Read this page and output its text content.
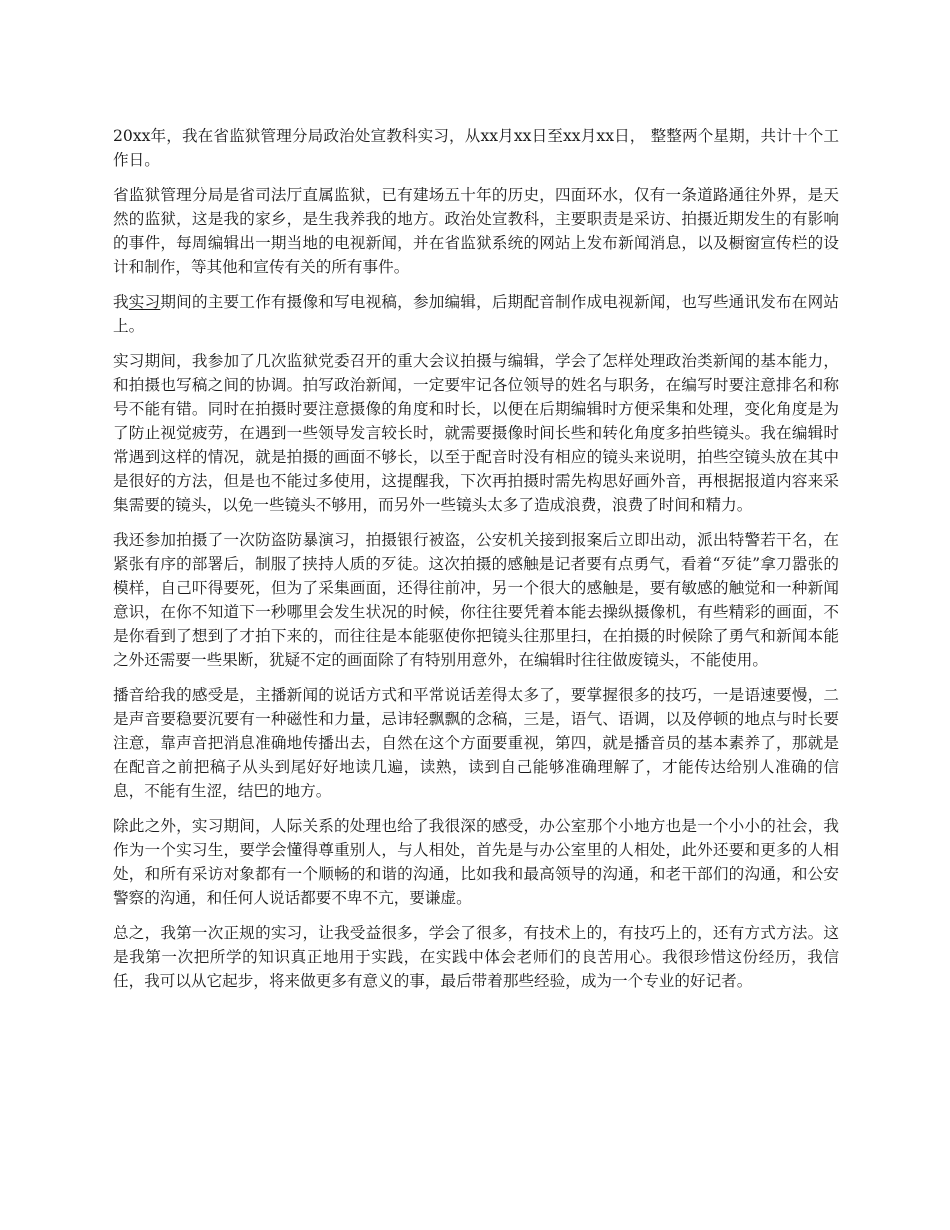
20xx年，我在省监狱管理分局政治处宣教科实习，从xx月xx日至xx月xx日， 整整两个星期，共计十个工作日。

省监狱管理分局是省司法厅直属监狱，已有建场五十年的历史，四面环水，仅有一条道路通往外界，是天然的监狱，这是我的家乡，是生我养我的地方。政治处宣教科，主要职责是采访、拍摄近期发生的有影响的事件，每周编辑出一期当地的电视新闻，并在省监狱系统的网站上发布新闻消息，以及橱窗宣传栏的设计和制作，等其他和宣传有关的所有事件。

我实习期间的主要工作有摄像和写电视稿，参加编辑，后期配音制作成电视新闻，也写些通讯发布在网站上。

实习期间，我参加了几次监狱党委召开的重大会议拍摄与编辑，学会了怎样处理政治类新闻的基本能力，和拍摄也写稿之间的协调。拍写政治新闻，一定要牢记各位领导的姓名与职务，在编写时要注意排名和称号不能有错。同时在拍摄时要注意摄像的角度和时长，以便在后期编辑时方便采集和处理，变化角度是为了防止视觉疲劳，在遇到一些领导发言较长时，就需要摄像时间长些和转化角度多拍些镜头。我在编辑时常遇到这样的情况，就是拍摄的画面不够长，以至于配音时没有相应的镜头来说明，拍些空镜头放在其中是很好的方法，但是也不能过多使用，这提醒我，下次再拍摄时需先构思好画外音，再根据报道内容来采集需要的镜头，以免一些镜头不够用，而另外一些镜头太多了造成浪费，浪费了时间和精力。

我还参加拍摄了一次防盗防暴演习，拍摄银行被盗，公安机关接到报案后立即出动，派出特警若干名，在紧张有序的部署后，制服了挟持人质的歹徒。这次拍摄的感触是记者要有点勇气，看着“歹徒”拿刀嚣张的模样，自己吓得要死，但为了采集画面，还得往前冲，另一个很大的感触是，要有敏感的触觉和一种新闻意识，在你不知道下一秒哪里会发生状况的时候，你往往要凭着本能去操纵摄像机，有些精彩的画面，不是你看到了想到了才拍下来的，而往往是本能驱使你把镜头往那里扫，在拍摄的时候除了勇气和新闻本能之外还需要一些果断，犹疑不定的画面除了有特别用意外，在编辑时往往做废镜头，不能使用。

播音给我的感受是，主播新闻的说话方式和平常说话差得太多了，要掌握很多的技巧，一是语速要慢，二是声音要稳要沉要有一种磁性和力量，忌讳轻飘飘的念稿，三是，语气、语调，以及停顿的地点与时长要注意，靠声音把消息准确地传播出去，自然在这个方面要重视，第四，就是播音员的基本素养了，那就是在配音之前把稿子从头到尾好好地读几遍，读熟，读到自己能够准确理解了，才能传达给别人准确的信息，不能有生涩，结巴的地方。

除此之外，实习期间，人际关系的处理也给了我很深的感受，办公室那个小地方也是一个小小的社会，我作为一个实习生，要学会懂得尊重别人，与人相处，首先是与办公室里的人相处，此外还要和更多的人相处，和所有采访对象都有一个顺畅的和谐的沟通，比如我和最高领导的沟通，和老干部们的沟通，和公安警察的沟通，和任何人说话都要不卑不亢，要谦虚。

总之，我第一次正规的实习，让我受益很多，学会了很多，有技术上的，有技巧上的，还有方式方法。这是我第一次把所学的知识真正地用于实践，在实践中体会老师们的良苦用心。我很珍惜这份经历，我信任，我可以从它起步，将来做更多有意义的事，最后带着那些经验，成为一个专业的好记者。
